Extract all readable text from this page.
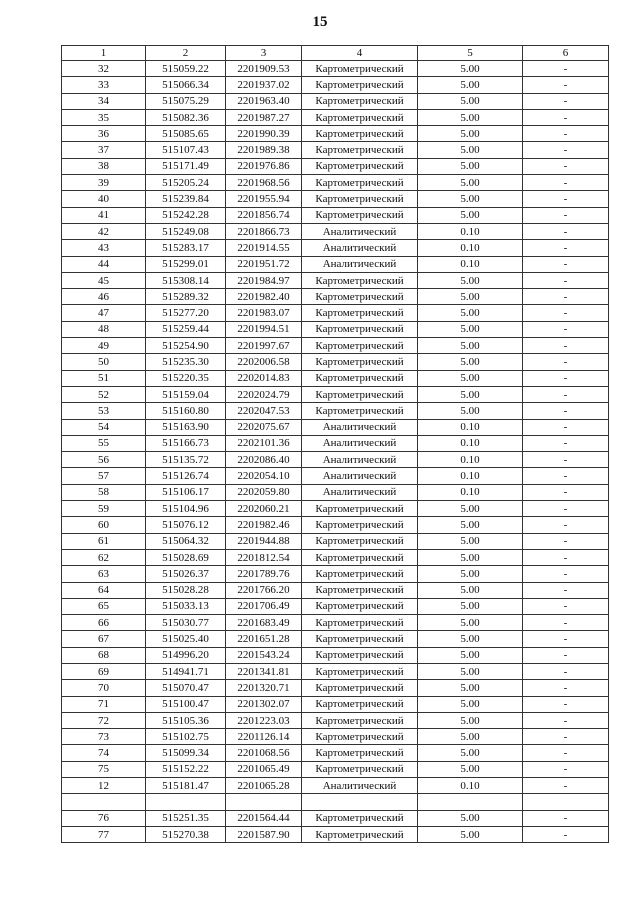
15
1	2	3	4	5	6
32	515059.22	2201909.53	Картометрический	5.00	-
33	515066.34	2201937.02	Картометрический	5.00	-
34	515075.29	2201963.40	Картометрический	5.00	-
35	515082.36	2201987.27	Картометрический	5.00	-
36	515085.65	2201990.39	Картометрический	5.00	-
37	515107.43	2201989.38	Картометрический	5.00	-
38	515171.49	2201976.86	Картометрический	5.00	-
39	515205.24	2201968.56	Картометрический	5.00	-
40	515239.84	2201955.94	Картометрический	5.00	-
41	515242.28	2201856.74	Картометрический	5.00	-
42	515249.08	2201866.73	Аналитический	0.10	-
43	515283.17	2201914.55	Аналитический	0.10	-
44	515299.01	2201951.72	Аналитический	0.10	-
45	515308.14	2201984.97	Картометрический	5.00	-
46	515289.32	2201982.40	Картометрический	5.00	-
47	515277.20	2201983.07	Картометрический	5.00	-
48	515259.44	2201994.51	Картометрический	5.00	-
49	515254.90	2201997.67	Картометрический	5.00	-
50	515235.30	2202006.58	Картометрический	5.00	-
51	515220.35	2202014.83	Картометрический	5.00	-
52	515159.04	2202024.79	Картометрический	5.00	-
53	515160.80	2202047.53	Картометрический	5.00	-
54	515163.90	2202075.67	Аналитический	0.10	-
55	515166.73	2202101.36	Аналитический	0.10	-
56	515135.72	2202086.40	Аналитический	0.10	-
57	515126.74	2202054.10	Аналитический	0.10	-
58	515106.17	2202059.80	Аналитический	0.10	-
59	515104.96	2202060.21	Картометрический	5.00	-
60	515076.12	2201982.46	Картометрический	5.00	-
61	515064.32	2201944.88	Картометрический	5.00	-
62	515028.69	2201812.54	Картометрический	5.00	-
63	515026.37	2201789.76	Картометрический	5.00	-
64	515028.28	2201766.20	Картометрический	5.00	-
65	515033.13	2201706.49	Картометрический	5.00	-
66	515030.77	2201683.49	Картометрический	5.00	-
67	515025.40	2201651.28	Картометрический	5.00	-
68	514996.20	2201543.24	Картометрический	5.00	-
69	514941.71	2201341.81	Картометрический	5.00	-
70	515070.47	2201320.71	Картометрический	5.00	-
71	515100.47	2201302.07	Картометрический	5.00	-
72	515105.36	2201223.03	Картометрический	5.00	-
73	515102.75	2201126.14	Картометрический	5.00	-
74	515099.34	2201068.56	Картометрический	5.00	-
75	515152.22	2201065.49	Картометрический	5.00	-
12	515181.47	2201065.28	Аналитический	0.10	-

76	515251.35	2201564.44	Картометрический	5.00	-
77	515270.38	2201587.90	Картометрический	5.00	-
